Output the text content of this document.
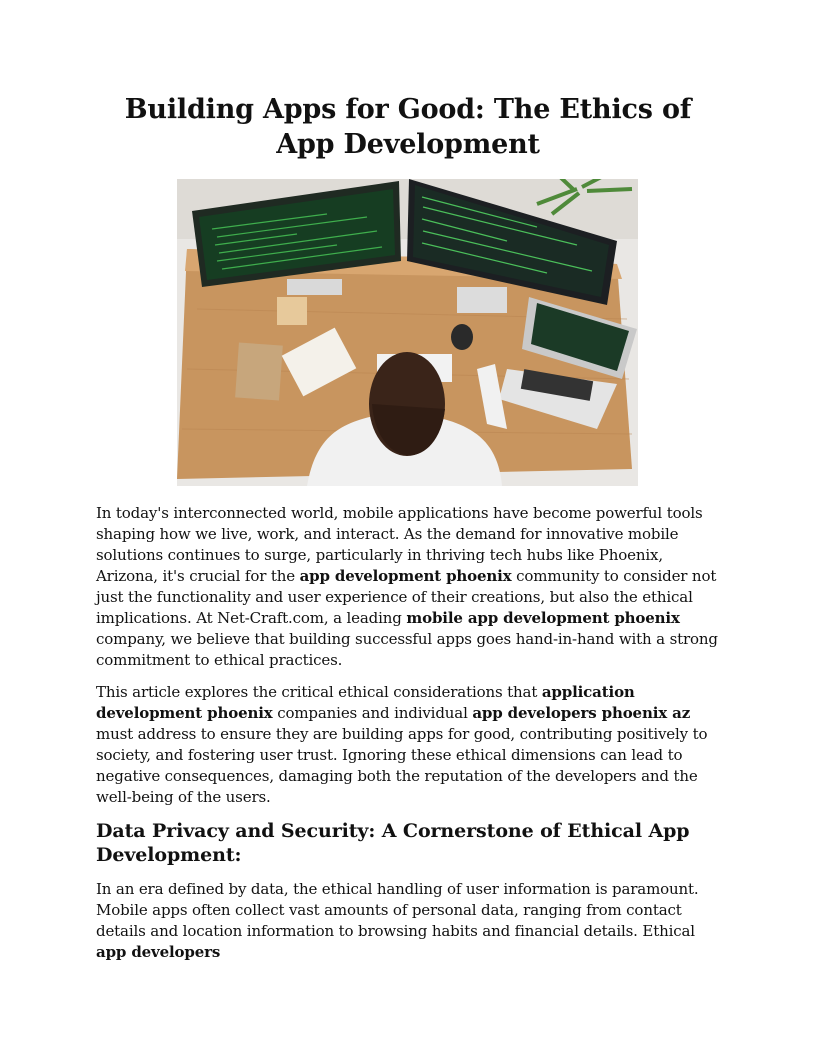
Building Apps for Good: The Ethics of App Development

In today's interconnected world, mobile applications have become powerful tools shaping how we live, work, and interact. As the demand for innovative mobile solutions continues to surge, particularly in thriving tech hubs like Phoenix, Arizona, it's crucial for the app development phoenix community to consider not just the functionality and user experience of their creations, but also the ethical implications. At Net-Craft.com, a leading mobile app development phoenix company, we believe that building successful apps goes hand-in-hand with a strong commitment to ethical practices.

This article explores the critical ethical considerations that application development phoenix companies and individual app developers phoenix az must address to ensure they are building apps for good, contributing positively to society, and fostering user trust. Ignoring these ethical dimensions can lead to negative consequences, damaging both the reputation of the developers and the well-being of the users.

Data Privacy and Security: A Cornerstone of Ethical App Development:

In an era defined by data, the ethical handling of user information is paramount. Mobile apps often collect vast amounts of personal data, ranging from contact details and location information to browsing habits and financial details. Ethical app developers
